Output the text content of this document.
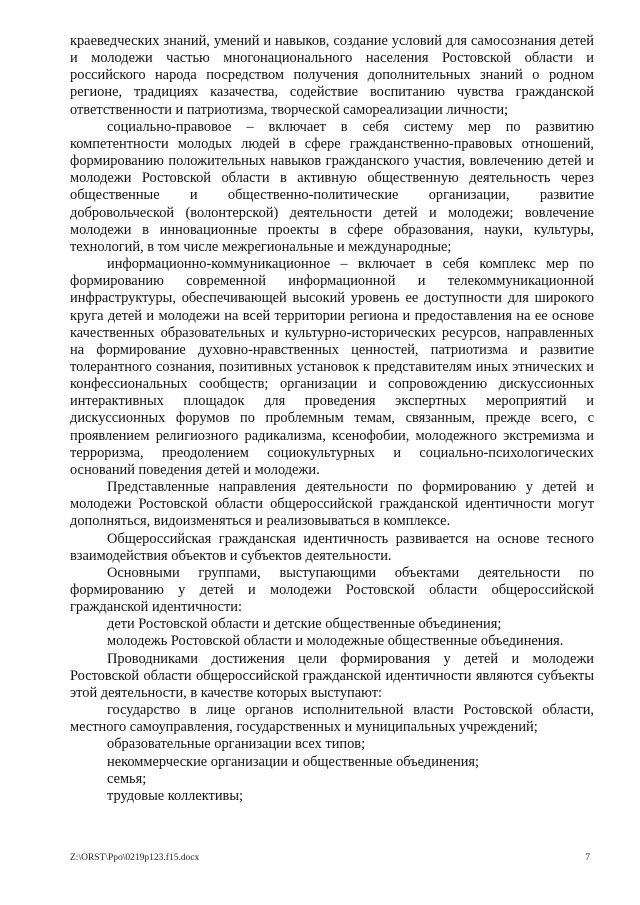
краеведческих знаний, умений и навыков, создание условий для самосознания детей и молодежи частью многонационального населения Ростовской области и российского народа посредством получения дополнительных знаний о родном регионе, традициях казачества, содействие воспитанию чувства гражданской ответственности и патриотизма, творческой самореализации личности;

социально-правовое – включает в себя систему мер по развитию компетентности молодых людей в сфере гражданственно-правовых отношений, формированию положительных навыков гражданского участия, вовлечению детей и молодежи Ростовской области в активную общественную деятельность через общественные и общественно-политические организации, развитие добровольческой (волонтерской) деятельности детей и молодежи; вовлечение молодежи в инновационные проекты в сфере образования, науки, культуры, технологий, в том числе межрегиональные и международные;

информационно-коммуникационное – включает в себя комплекс мер по формированию современной информационной и телекоммуникационной инфраструктуры, обеспечивающей высокий уровень ее доступности для широкого круга детей и молодежи на всей территории региона и предоставления на ее основе качественных образовательных и культурно-исторических ресурсов, направленных на формирование духовно-нравственных ценностей, патриотизма и развитие толерантного сознания, позитивных установок к представителям иных этнических и конфессиональных сообществ; организации и сопровождению дискуссионных интерактивных площадок для проведения экспертных мероприятий и дискуссионных форумов по проблемным темам, связанным, прежде всего, с проявлением религиозного радикализма, ксенофобии, молодежного экстремизма и терроризма, преодолением социокультурных и социально-психологических оснований поведения детей и молодежи.

Представленные направления деятельности по формированию у детей и молодежи Ростовской области общероссийской гражданской идентичности могут дополняться, видоизменяться и реализовываться в комплексе.

Общероссийская гражданская идентичность развивается на основе тесного взаимодействия объектов и субъектов деятельности.

Основными группами, выступающими объектами деятельности по формированию у детей и молодежи Ростовской области общероссийской гражданской идентичности:

дети Ростовской области и детские общественные объединения;

молодежь Ростовской области и молодежные общественные объединения.

Проводниками достижения цели формирования у детей и молодежи Ростовской области общероссийской гражданской идентичности являются субъекты этой деятельности, в качестве которых выступают:

государство в лице органов исполнительной власти Ростовской области, местного самоуправления, государственных и муниципальных учреждений;

образовательные организации всех типов;

некоммерческие организации и общественные объединения;

семья;

трудовые коллективы;

Z:\ORST\Ppo\0219p123.f15.docx	7
